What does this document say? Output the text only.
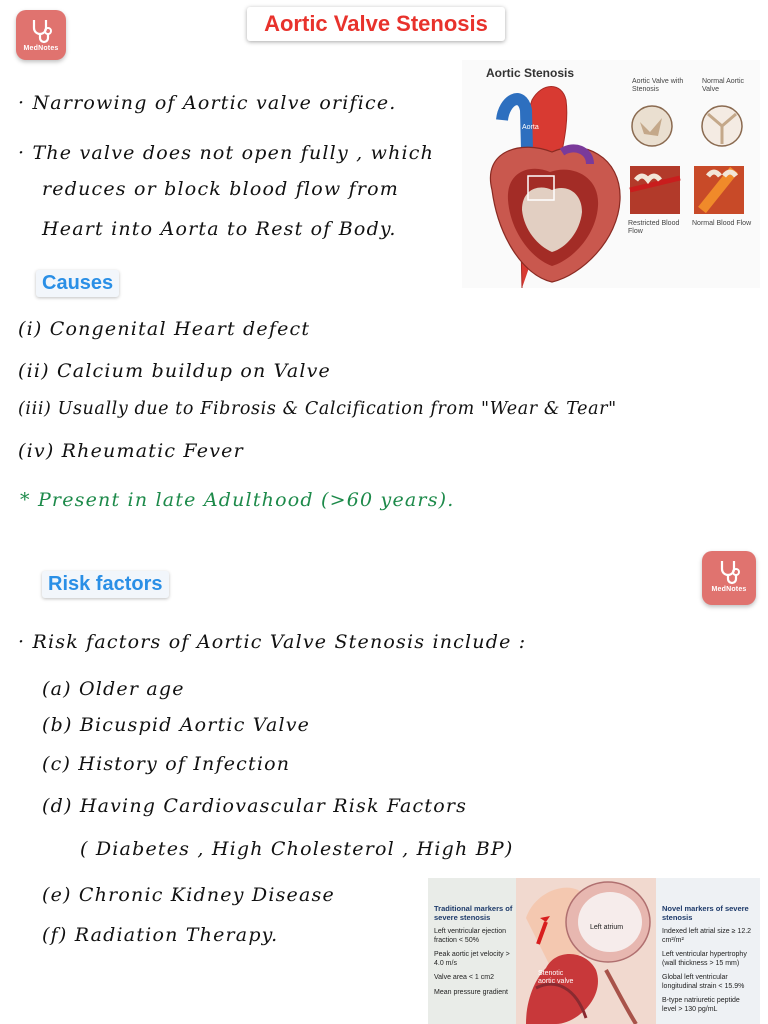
MedNotes
MedNotes
Aortic Valve Stenosis
· Narrowing of Aortic valve orifice.
· The valve does not open fully , which
reduces or block blood flow from
Heart into Aorta to Rest of Body.
Aortic Stenosis
Aorta
Aortic Valve with Stenosis
Normal Aortic Valve
Restricted Blood Flow
Normal Blood Flow
Causes
(i) Congenital Heart defect
(ii) Calcium buildup on Valve
(iii) Usually due to Fibrosis & Calcification from "Wear & Tear"
(iv) Rheumatic Fever
* Present in late Adulthood (>60 years).
Risk factors
· Risk factors of Aortic Valve Stenosis include :
(a) Older age
(b) Bicuspid Aortic Valve
(c) History of Infection
(d) Having Cardiovascular Risk Factors
( Diabetes , High Cholesterol , High BP)
(e) Chronic Kidney Disease
(f) Radiation Therapy.
Traditional markers of severe stenosis
Left ventricular ejection fraction < 50%
Peak aortic jet velocity > 4.0 m/s
Valve area < 1 cm2
Mean pressure gradient
Left atrium
Stenotic aortic valve
Novel markers of severe stenosis
Indexed left atrial size ≥ 12.2 cm²/m²
Left ventricular hypertrophy (wall thickness > 15 mm)
Global left ventricular longitudinal strain < 15.9%
B-type natriuretic peptide level > 130 pg/mL
